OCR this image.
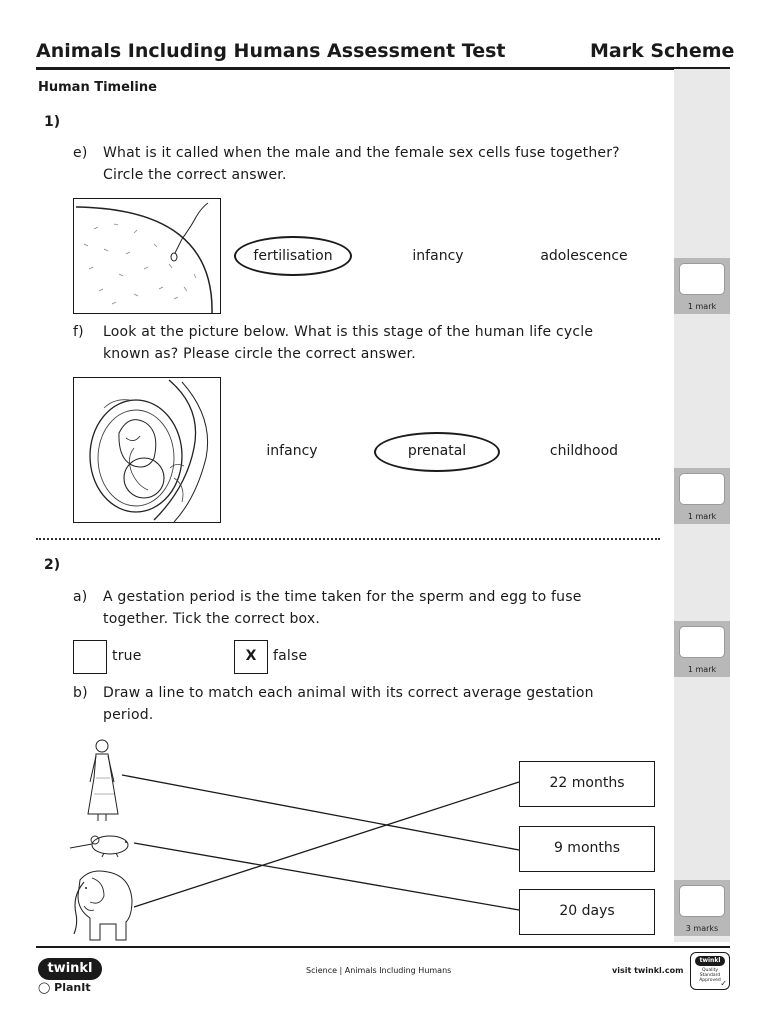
Animals Including Humans Assessment Test	Mark Scheme
1 mark
1 mark
1 mark
3 marks
Human Timeline
1)
e) What is it called when the male and the female sex cells fuse together?
Circle the correct answer.
fertilisation	infancy	adolescence
f) Look at the picture below. What is this stage of the human life cycle
known as? Please circle the correct answer.
infancy	prenatal	childhood
2)
a) A gestation period is the time taken for the sperm and egg to fuse
together. Tick the correct box.
true	X	false
b) Draw a line to match each animal with its correct average gestation
period.
22 months
9 months
20 days
twinkl
◯ PlanIt
Science | Animals Including Humans	visit twinkl.com
twinkl
Quality Standard Approved ✓
